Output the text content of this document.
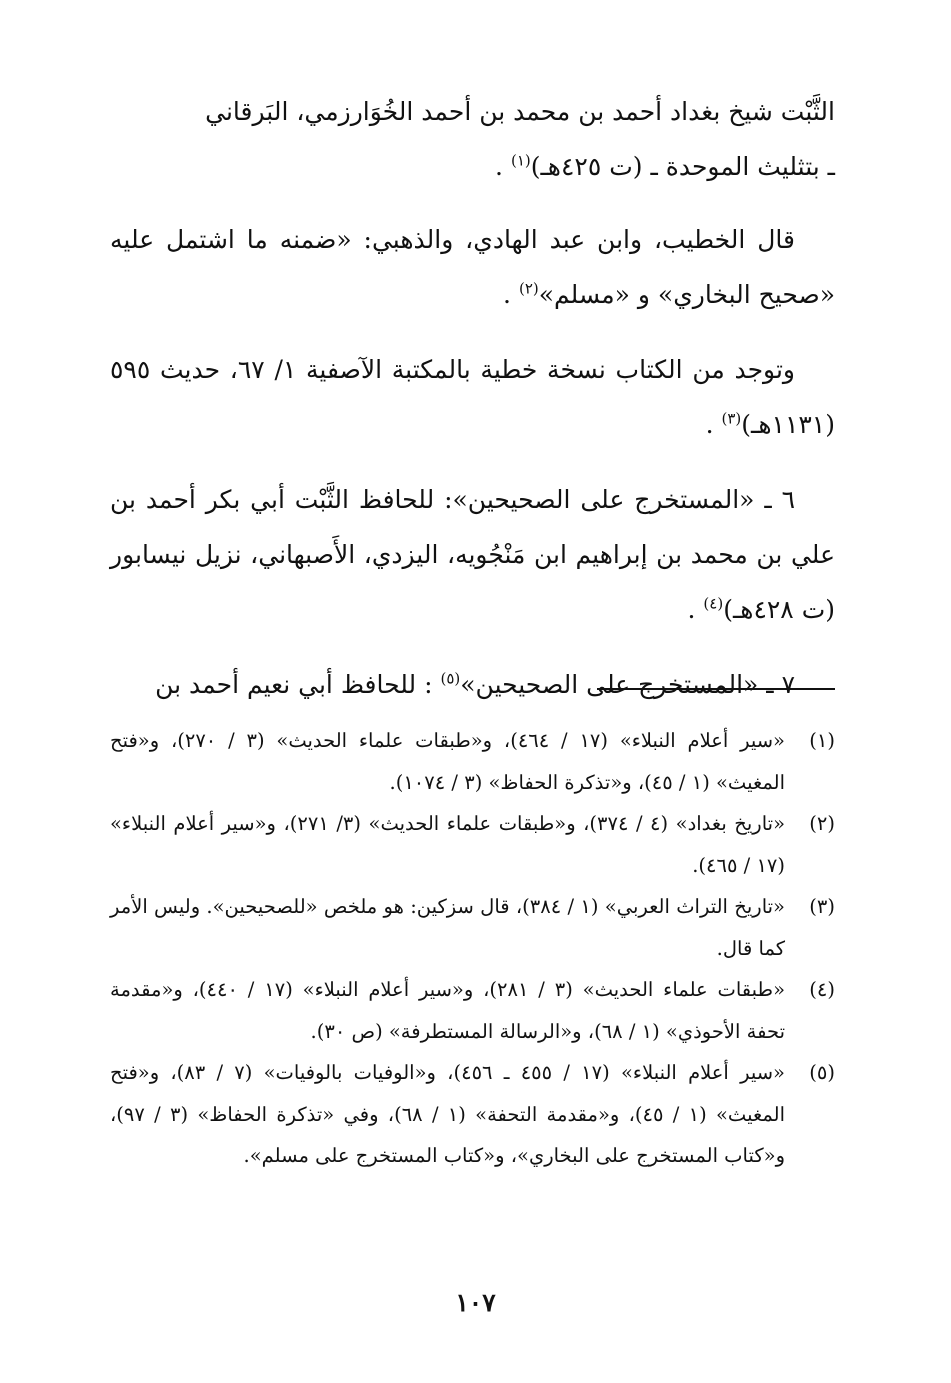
الثَّبْت شيخ بغداد أحمد بن محمد بن أحمد الخُوَارزمي، البَرقاني
ـ بتثليث الموحدة ـ (ت ٤٢٥هـ)$^{(١)}$ .

قال الخطيب، وابن عبد الهادي، والذهبي: «ضمنه ما اشتمل عليه «صحيح البخاري» و «مسلم»$^{(٢)}$ .

وتوجد من الكتاب نسخة خطية بالمكتبة الآصفية ١/ ٦٧، حديث ٥٩٥ (١١٣١هـ)$^{(٣)}$ .

٦ ـ «المستخرج على الصحيحين»: للحافظ الثَّبْت أبي بكر أحمد بن علي بن محمد بن إبراهيم ابن مَنْجُويه، اليزدي، الأَصبهاني، نزيل نيسابور (ت ٤٢٨هـ)$^{(٤)}$ .

٧ ـ «المستخرج على الصحيحين»$^{(٥)}$ : للحافظ أبي نعيم أحمد بن

(١)
«سير أعلام النبلاء» (١٧ / ٤٦٤)، و«طبقات علماء الحديث» (٣ / ٢٧٠)، و«فتح المغيث» (١ / ٤٥)، و«تذكرة الحفاظ» (٣ / ١٠٧٤).
(٢)
«تاريخ بغداد» (٤ / ٣٧٤)، و«طبقات علماء الحديث» (٣/ ٢٧١)، و«سير أعلام النبلاء» (١٧ / ٤٦٥).
(٣)
«تاريخ التراث العربي» (١ / ٣٨٤)، قال سزكين: هو ملخص «للصحيحين». وليس الأمر كما قال.
(٤)
«طبقات علماء الحديث» (٣ / ٢٨١)، و«سير أعلام النبلاء» (١٧ / ٤٤٠)، و«مقدمة تحفة الأحوذي» (١ / ٦٨)، و«الرسالة المستطرفة» (ص ٣٠).
(٥)
«سير أعلام النبلاء» (١٧ / ٤٥٥ ـ ٤٥٦)، و«الوفيات بالوفيات» (٧ / ٨٣)، و«فتح المغيث» (١ / ٤٥)، و«مقدمة التحفة» (١ / ٦٨)، وفي «تذكرة الحفاظ» (٣ / ٩٧)، و«كتاب المستخرج على البخاري»، و«كتاب المستخرج على مسلم».
١٠٧
